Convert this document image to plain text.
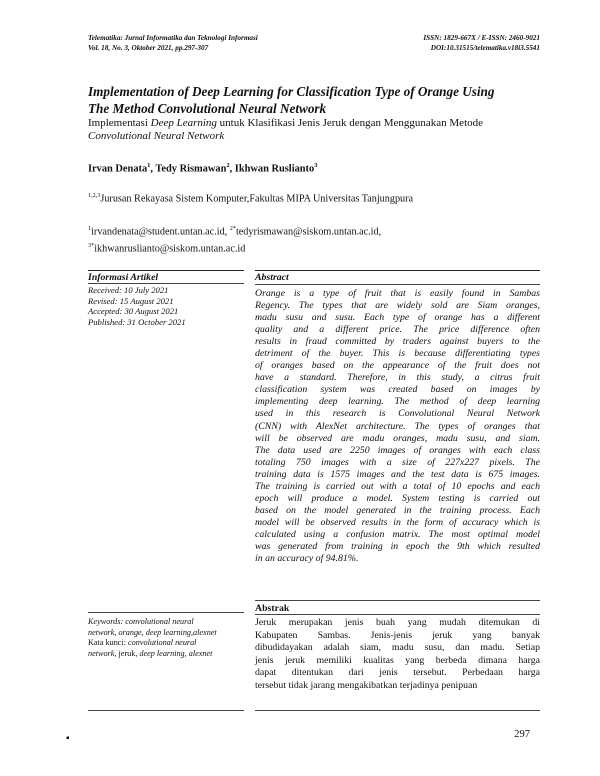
Telematika: Jurnal Informatika dan Teknologi Informasi
Vol. 18, No. 3, Oktober 2021, pp.297-307
ISSN: 1829-667X / E-ISSN: 2460-9021
DOI:10.31515/telematika.v18i3.5541
Implementation of Deep Learning for Classification Type of Orange Using
The Method Convolutional Neural Network
Implementasi Deep Learning untuk Klasifikasi Jenis Jeruk dengan Menggunakan Metode
Convolutional Neural Network
Irvan Denata$^1$, Tedy Rismawan$^2$, Ikhwan Ruslianto$^3$
$^{1,2,3}$Jurusan Rekayasa Sistem Komputer,Fakultas MIPA Universitas Tanjungpura
$^1$irvandenata@student.untan.ac.id, $^{2*}$tedyrismawan@siskom.untan.ac.id,
$^{3*}$ikhwanruslianto@siskom.untan.ac.id
Informasi Artikel
Received: 10 July 2021
Revised: 15 August 2021
Accepted: 30 August 2021
Published: 31 October 2021
Abstract
Orange is a type of fruit that is easily found in Sambas
Regency. The types that are widely sold are Siam oranges,
madu susu and susu. Each type of orange has a different
quality and a different price. The price difference often
results in fraud committed by traders against buyers to the
detriment of the buyer. This is because differentiating types
of oranges based on the appearance of the fruit does not
have a standard. Therefore, in this study, a citrus fruit
classification system was created based on images by
implementing deep learning. The method of deep learning
used in this research is Convolutional Neural Network
(CNN) with AlexNet architecture. The types of oranges that
will be observed are madu oranges, madu susu, and siam.
The data used are 2250 images of oranges with each class
totaling 750 images with a size of 227x227 pixels. The
training data is 1575 images and the test data is 675 images.
The training is carried out with a total of 10 epochs and each
epoch will produce a model. System testing is carried out
based on the model generated in the training process. Each
model will be observed results in the form of accuracy which is
calculated using a confusion matrix. The most optimal model
was generated from training in epoch the 9th which resulted
in an accuracy of 94.81%.
Abstrak
Jeruk merupakan jenis buah yang mudah ditemukan di
Kabupaten Sambas. Jenis-jenis jeruk yang banyak
dibudidayakan adalah siam, madu susu, dan madu. Setiap
jenis jeruk memiliki kualitas yang berbeda dimana harga
dapat ditentukan dari jenis tersebut. Perbedaan harga
tersebut tidak jarang mengakibatkan terjadinya penipuan
Keywords: convolutional neural
network, orange, deep learning,alexnet
Kata kunci: convolutional neural
network, jeruk, deep learning, alexnet
▪	297
